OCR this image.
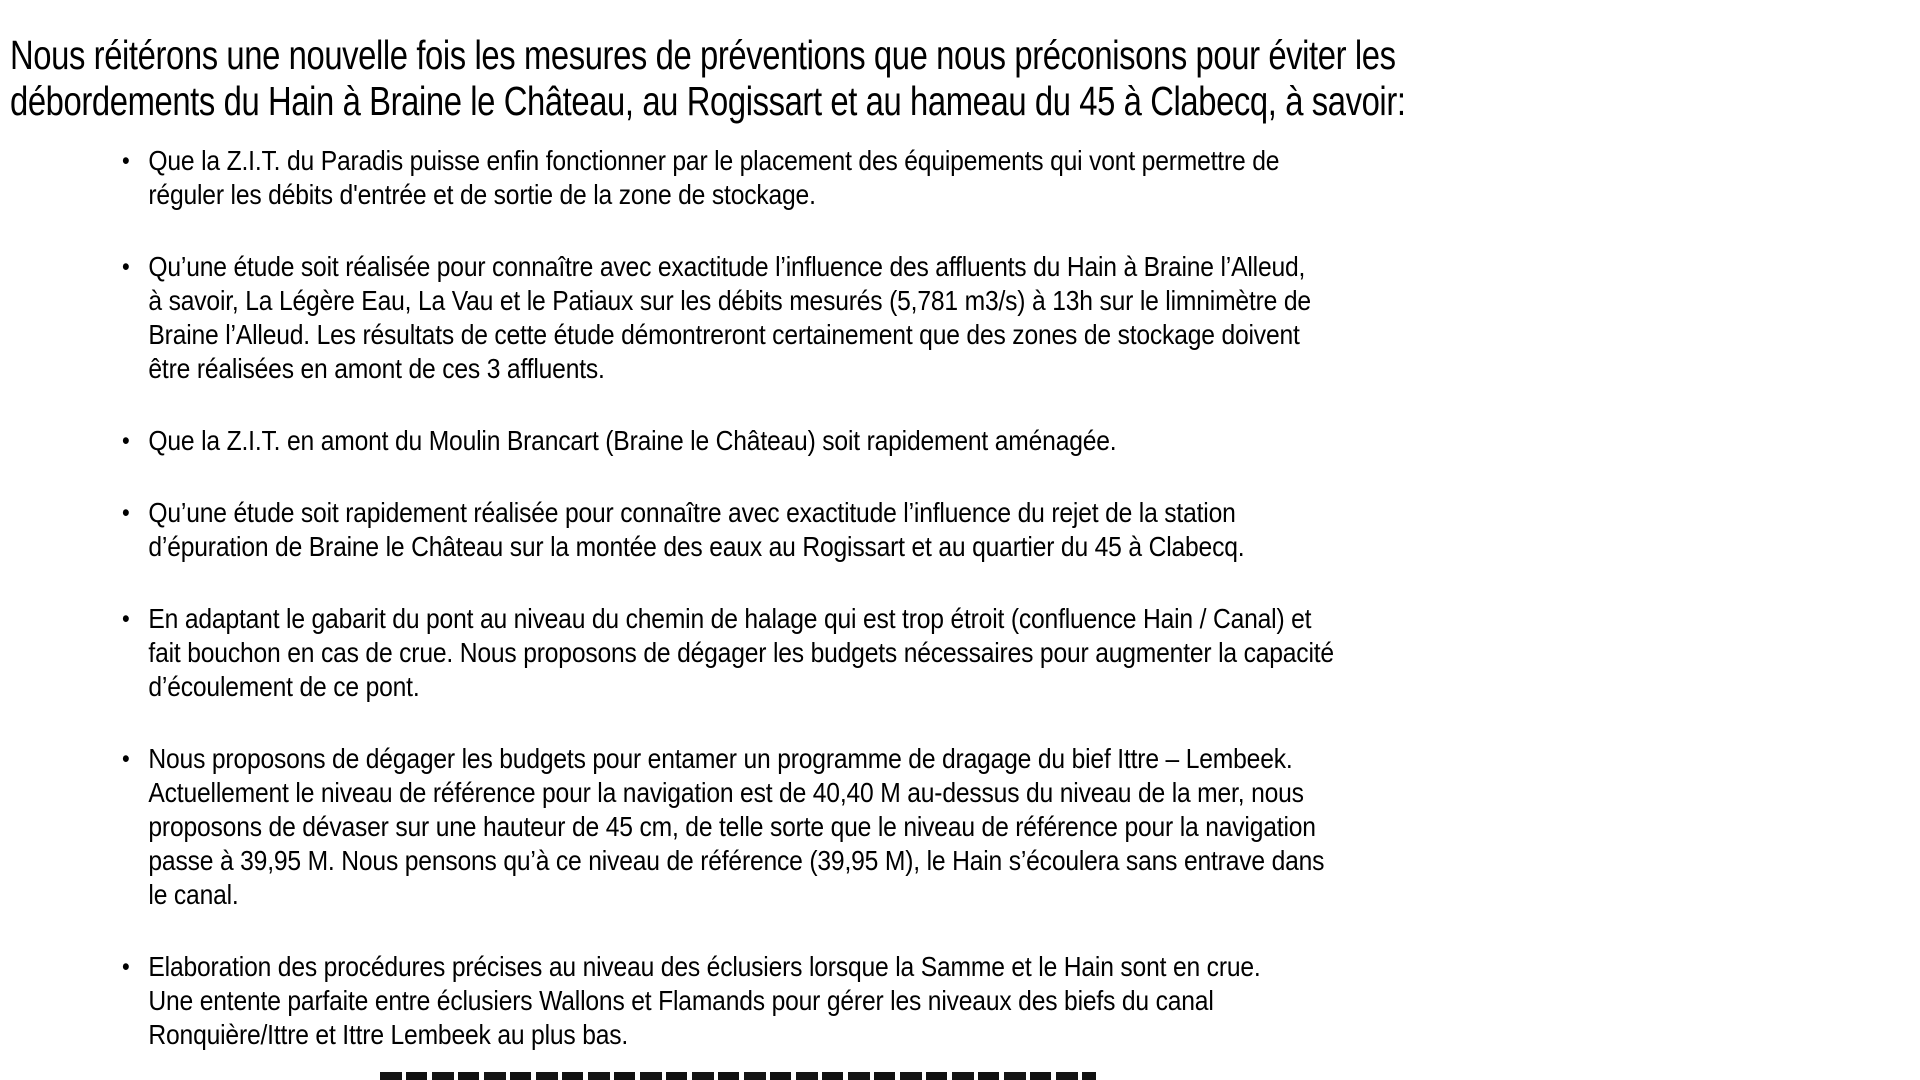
Nous réitérons une nouvelle fois les mesures de préventions que nous préconisons pour éviter les
débordements du Hain à Braine le Château, au Rogissart et au hameau du 45 à Clabecq, à savoir:
• Que la Z.I.T. du Paradis puisse enfin fonctionner par le placement des équipements qui vont permettre de
réguler les débits d'entrée et de sortie de la zone de stockage.
• Qu’une étude soit réalisée pour connaître avec exactitude l’influence des affluents du Hain à Braine l’Alleud,
à savoir, La Légère Eau, La Vau et le Patiaux sur les débits mesurés (5,781 m3/s) à 13h sur le limnimètre de
Braine l’Alleud. Les résultats de cette étude démontreront certainement que des zones de stockage doivent
être réalisées en amont de ces 3 affluents.
• Que la Z.I.T. en amont du Moulin Brancart (Braine le Château) soit rapidement aménagée.
• Qu’une étude soit rapidement réalisée pour connaître avec exactitude l’influence du rejet de la station
d’épuration de Braine le Château sur la montée des eaux au Rogissart et au quartier du 45 à Clabecq.
• En adaptant le gabarit du pont au niveau du chemin de halage qui est trop étroit (confluence Hain / Canal) et
fait bouchon en cas de crue. Nous proposons de dégager les budgets nécessaires pour augmenter la capacité
d’écoulement de ce pont.
• Nous proposons de dégager les budgets pour entamer un programme de dragage du bief Ittre – Lembeek.
Actuellement le niveau de référence pour la navigation est de 40,40 M au-dessus du niveau de la mer, nous
proposons de dévaser sur une hauteur de 45 cm, de telle sorte que le niveau de référence pour la navigation
passe à 39,95 M. Nous pensons qu’à ce niveau de référence (39,95 M), le Hain s’écoulera sans entrave dans
le canal.
• Elaboration des procédures précises au niveau des éclusiers lorsque la Samme et le Hain sont en crue.
Une entente parfaite entre éclusiers Wallons et Flamands pour gérer les niveaux des biefs du canal
Ronquière/Ittre et Ittre Lembeek au plus bas.
